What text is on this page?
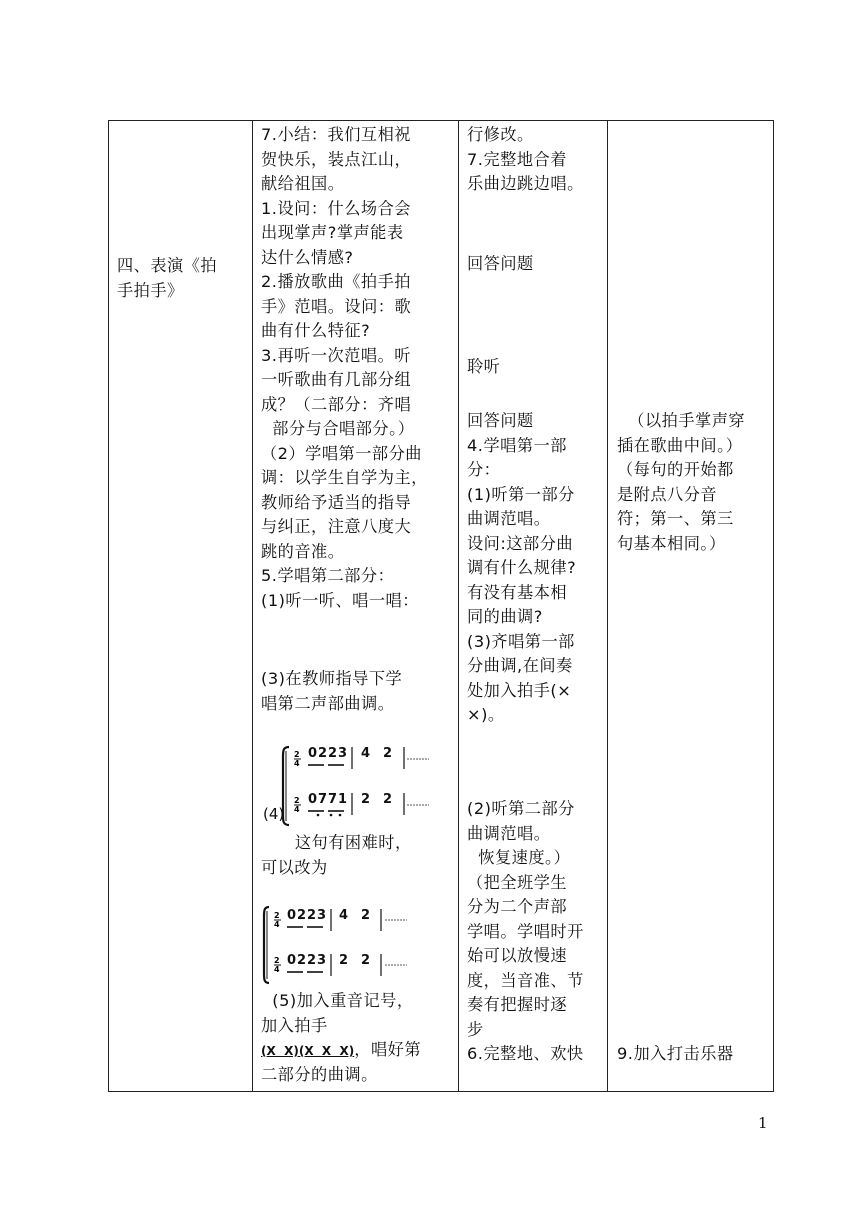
四、表演《拍
手拍手》
7.小结：我们互相祝
贺快乐，装点江山，
献给祖国。
1.设问：什么场合会
出现掌声?掌声能表
达什么情感?
2.播放歌曲《拍手拍
手》范唱。设问：歌
曲有什么特征?
3.再听一次范唱。听
一听歌曲有几部分组
成？（二部分：齐唱
部分与合唱部分。）
（2）学唱第一部分曲
调：以学生自学为主，
教师给予适当的指导
与纠正，注意八度大
跳的音准。
5.学唱第二部分：
(1)听一听、唱一唱：
(3)在教师指导下学
唱第二声部曲调。
2
4
2
4
02 23 4 2
07 71 2 2
(4)
这句有困难时，
可以改为
2
4
2
4
02 23 4 2
02 23 2 2
(5)加入重音记号，
加入拍手
(X  X)(X  X  X)，唱好第
二部分的曲调。
行修改。
7.完整地合着
乐曲边跳边唱。
回答问题
聆听
回答问题
4.学唱第一部
分：
(1)听第一部分
曲调范唱。
设问:这部分曲
调有什么规律?
有没有基本相
同的曲调?
(3)齐唱第一部
分曲调,在间奏
处加入拍手(×
×)。
(2)听第二部分
曲调范唱。
恢复速度。）
（把全班学生
分为二个声部
学唱。学唱时开
始可以放慢速
度，当音准、节
奏有把握时逐
步
6.完整地、欢快
（以拍手掌声穿
插在歌曲中间。）
（每句的开始都
是附点八分音
符；第一、第三
句基本相同。）
9.加入打击乐器
1
